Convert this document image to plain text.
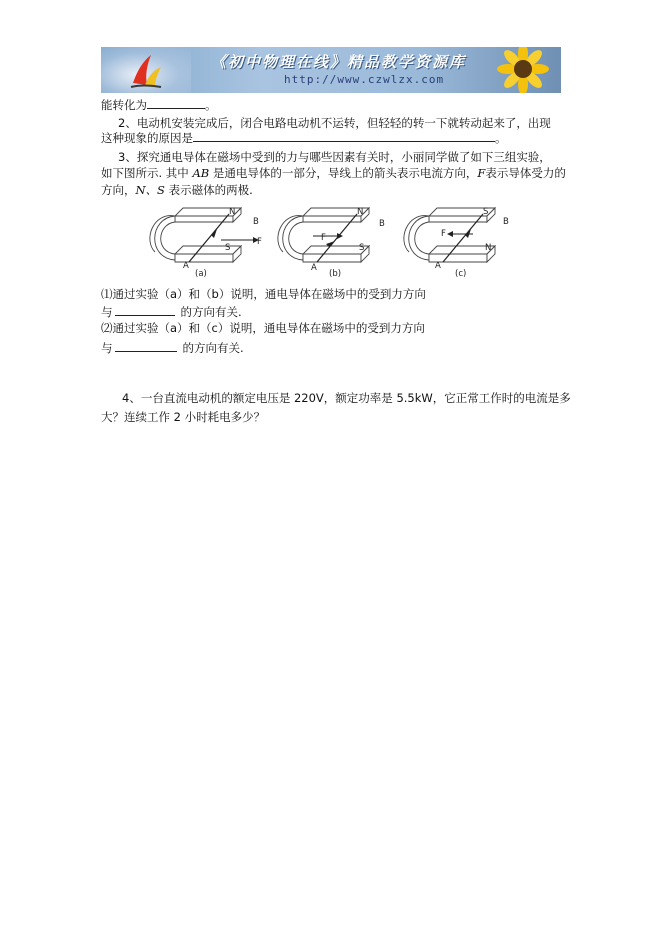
《初中物理在线》精品教学资源库
http://www.czwlzx.com
能转化为	。
2、电动机安装完成后，闭合电路电动机不运转，但轻轻的转一下就转动起来了，出现
这种现象的原因是	。
3、探究通电导体在磁场中受到的力与哪些因素有关时，小丽同学做了如下三组实验，
如下图所示. 其中 AB 是通电导体的一部分，导线上的箭头表示电流方向，F表示导体受力的
方向，N、S 表示磁体的两极.
N
B
S
F
A
(a)
N
B
S
F
A
(b)
S
B
N
F
A
(c)
⑴通过实验（a）和（b）说明，通电导体在磁场中的受到力方向
与	的方向有关.
⑵通过实验（a）和（c）说明，通电导体在磁场中的受到力方向
与	的方向有关.
4、一台直流电动机的额定电压是 220V，额定功率是 5.5kW，它正常工作时的电流是多
大？连续工作 2 小时耗电多少？
